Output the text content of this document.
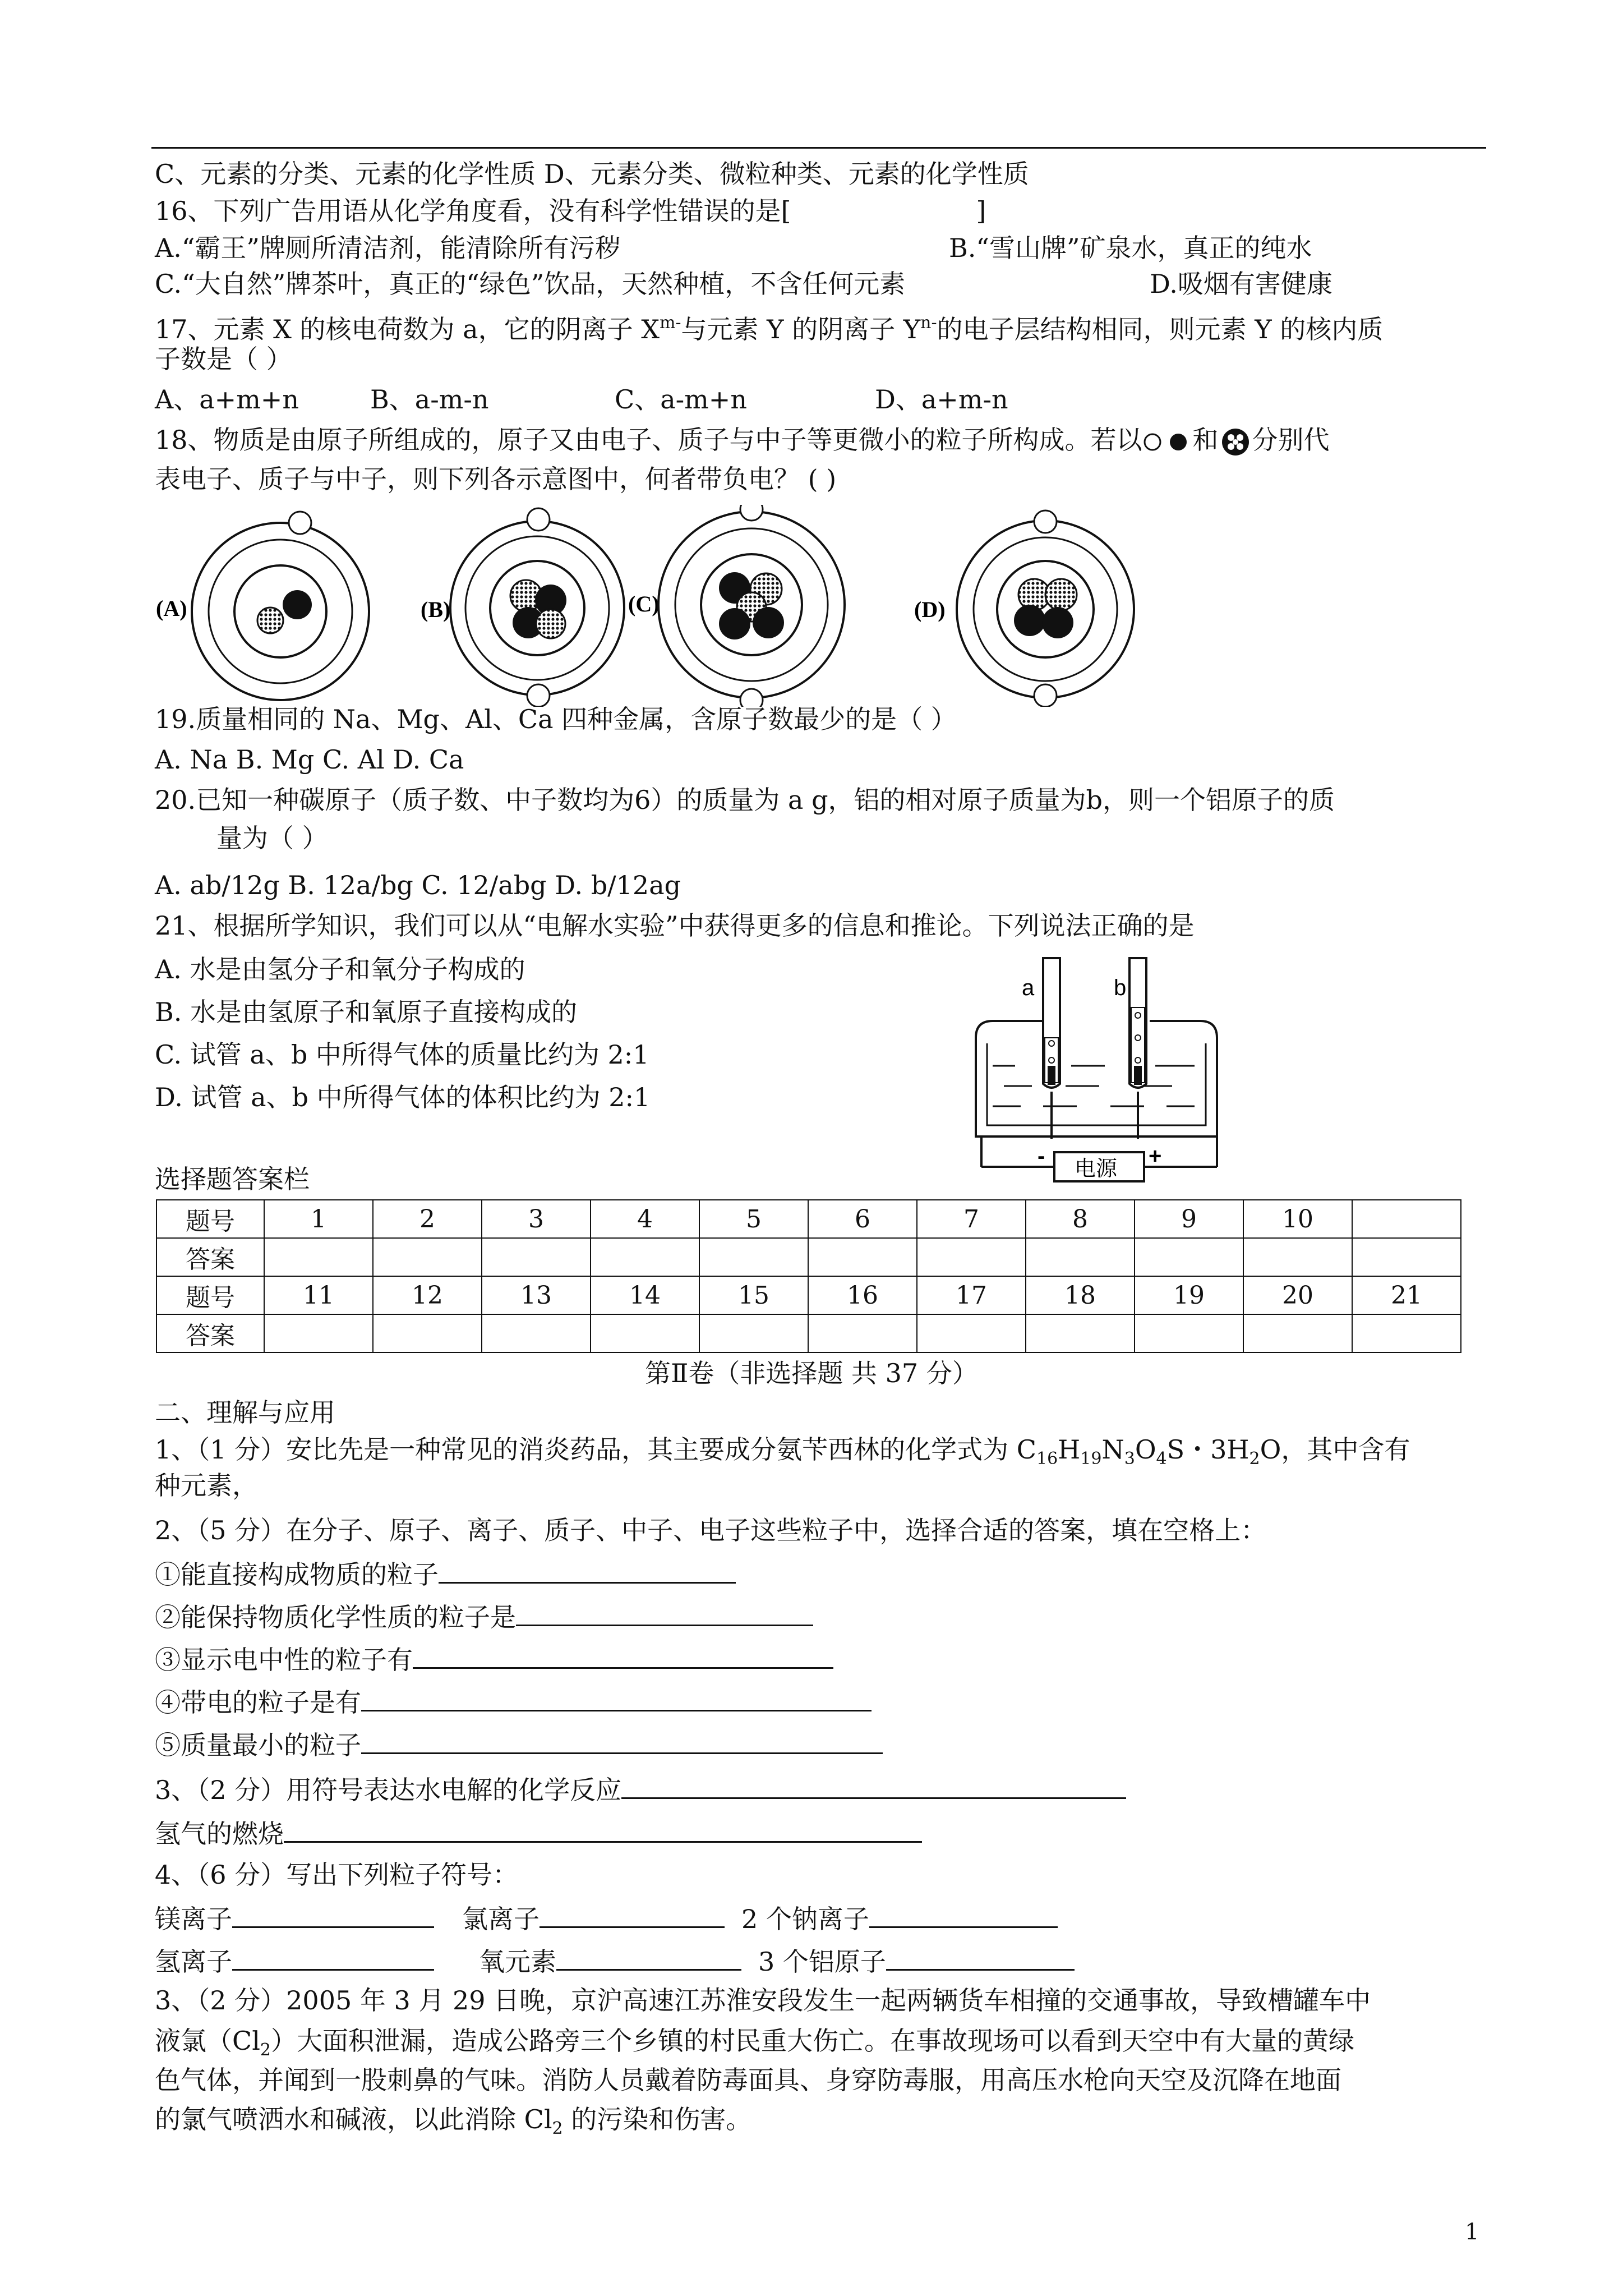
C、元素的分类、元素的化学性质 D、元素分类、微粒种类、元素的化学性质
16、下列广告用语从化学角度看，没有科学性错误的是[	]
A.“霸王”牌厕所清洁剂，能清除所有污秽	B.“雪山牌”矿泉水，真正的纯水
C.“大自然”牌茶叶，真正的“绿色”饮品，天然种植，不含任何元素	D.吸烟有害健康
17、元素 X 的核电荷数为 a，它的阴离子 $X^{m-}$与元素 Y 的阴离子 $Y^{n-}$的电子层结构相同，则元素 Y 的核内质
子数是（ ）
A、a+m+n	B、a-m-n	C、a-m+n	D、a+m-n
18、物质是由原子所组成的，原子又由电子、质子与中子等更微小的粒子所构成。若以 和 分别代
表电子、质子与中子，则下列各示意图中，何者带负电？ ( )
(A)	(B)	(C)	(D)
19.质量相同的 Na、Mg、Al、Ca 四种金属，含原子数最少的是（ ）
A. Na B. Mg C. Al D. Ca
20.已知一种碳原子（质子数、中子数均为6）的质量为 a g，铝的相对原子质量为b，则一个铝原子的质
量为（ ）
A. ab/12g B. 12a/bg C. 12/abg D. b/12ag
21、根据所学知识，我们可以从“电解水实验”中获得更多的信息和推论。下列说法正确的是
A. 水是由氢分子和氧分子构成的
B. 水是由氢原子和氧原子直接构成的
C. 试管 a、b 中所得气体的质量比约为 2:1
D. 试管 a、b 中所得气体的体积比约为 2:1
a	b
电源
-	+
选择题答案栏
题号	1	2	3	4	5	6	7	8	9	10	
答案											
题号	11	12	13	14	15	16	17	18	19	20	21
答案											
第Ⅱ卷（非选择题 共 37 分）
二、理解与应用
1、（1 分）安比先是一种常见的消炎药品，其主要成分氨苄西林的化学式为 $C_{16}H_{19}N_3O_4S$・$3H_2O$，其中含有
种元素，
2、（5 分）在分子、原子、离子、质子、中子、电子这些粒子中，选择合适的答案，填在空格上：
①能直接构成物质的粒子
②能保持物质化学性质的粒子是
③显示电中性的粒子有
④带电的粒子是有
⑤质量最小的粒子
3、（2 分）用符号表达水电解的化学反应
氢气的燃烧
4、（6 分）写出下列粒子符号：
镁离子	氯离子	2 个钠离子
氢离子	氧元素	3 个铝原子
3、（2 分）2005 年 3 月 29 日晚，京沪高速江苏淮安段发生一起两辆货车相撞的交通事故，导致槽罐车中
液氯$(Cl_2)$大面积泄漏，造成公路旁三个乡镇的村民重大伤亡。在事故现场可以看到天空中有大量的黄绿
色气体，并闻到一股刺鼻的气味。消防人员戴着防毒面具、身穿防毒服，用高压水枪向天空及沉降在地面
的氯气喷洒水和碱液，以此消除 $Cl_2$ 的污染和伤害。
1
